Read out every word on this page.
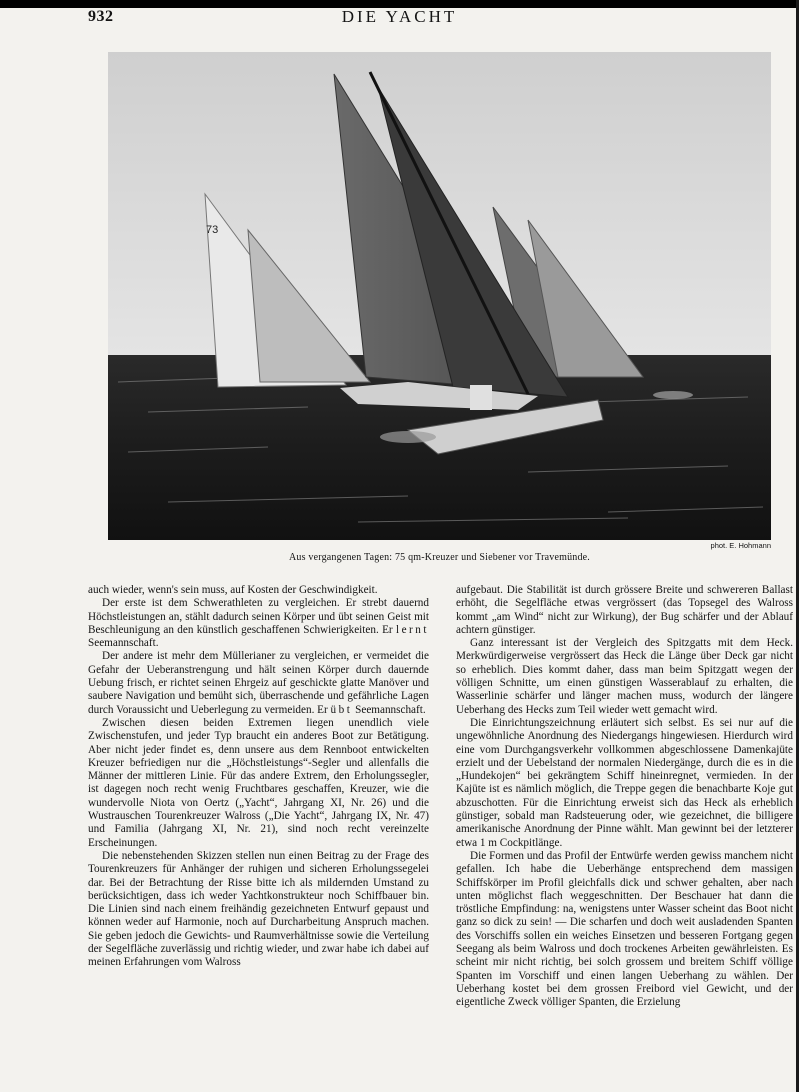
932	DIE YACHT
73
phot. E. Hohmann
Aus vergangenen Tagen: 75 qm-Kreuzer und Siebener vor Travemünde.

auch wieder, wenn's sein muss, auf Kosten der Geschwindigkeit.

Der erste ist dem Schwerathleten zu vergleichen. Er strebt dauernd Höchstleistungen an, stählt dadurch seinen Körper und übt seinen Geist mit Beschleunigung an den künstlich geschaffenen Schwierigkeiten. Er lernt Seemannschaft.

Der andere ist mehr dem Müllerianer zu vergleichen, er vermeidet die Gefahr der Ueberanstrengung und hält seinen Körper durch dauernde Uebung frisch, er richtet seinen Ehrgeiz auf geschickte glatte Manöver und saubere Navigation und bemüht sich, überraschende und gefährliche Lagen durch Voraussicht und Ueberlegung zu vermeiden. Er übt Seemannschaft.

Zwischen diesen beiden Extremen liegen unendlich viele Zwischenstufen, und jeder Typ braucht ein anderes Boot zur Betätigung. Aber nicht jeder findet es, denn unsere aus dem Rennboot entwickelten Kreuzer befriedigen nur die „Höchstleistungs“-Segler und allenfalls die Männer der mittleren Linie. Für das andere Extrem, den Erholungssegler, ist dagegen noch recht wenig Fruchtbares geschaffen, Kreuzer, wie die wundervolle Niota von Oertz („Yacht“, Jahrgang XI, Nr. 26) und die Wustrauschen Tourenkreuzer Walross („Die Yacht“, Jahrgang IX, Nr. 47) und Familia (Jahrgang XI, Nr. 21), sind noch recht vereinzelte Erscheinungen.

Die nebenstehenden Skizzen stellen nun einen Beitrag zu der Frage des Tourenkreuzers für Anhänger der ruhigen und sicheren Erholungssegelei dar. Bei der Betrachtung der Risse bitte ich als mildernden Umstand zu berücksichtigen, dass ich weder Yachtkonstrukteur noch Schiffbauer bin. Die Linien sind nach einem freihändig gezeichneten Entwurf gepaust und können weder auf Harmonie, noch auf Durcharbeitung Anspruch machen. Sie geben jedoch die Gewichts- und Raumverhältnisse sowie die Verteilung der Segelfläche zuverlässig und richtig wieder, und zwar habe ich dabei auf meinen Erfahrungen vom Walross

aufgebaut. Die Stabilität ist durch grössere Breite und schwereren Ballast erhöht, die Segelfläche etwas vergrössert (das Topsegel des Walross kommt „am Wind“ nicht zur Wirkung), der Bug schärfer und der Ablauf achtern günstiger.

Ganz interessant ist der Vergleich des Spitzgatts mit dem Heck. Merkwürdigerweise vergrössert das Heck die Länge über Deck gar nicht so erheblich. Dies kommt daher, dass man beim Spitzgatt wegen der völligen Schnitte, um einen günstigen Wasserablauf zu erhalten, die Wasserlinie schärfer und länger machen muss, wodurch der längere Ueberhang des Hecks zum Teil wieder wett gemacht wird.

Die Einrichtungszeichnung erläutert sich selbst. Es sei nur auf die ungewöhnliche Anordnung des Niedergangs hingewiesen. Hierdurch wird eine vom Durchgangsverkehr vollkommen abgeschlossene Damenkajüte erzielt und der Uebelstand der normalen Niedergänge, durch die es in die „Hundekojen“ bei gekrängtem Schiff hineinregnet, vermieden. In der Kajüte ist es nämlich möglich, die Treppe gegen die benachbarte Koje gut abzuschotten. Für die Einrichtung erweist sich das Heck als erheblich günstiger, sobald man Radsteuerung oder, wie gezeichnet, die billigere amerikanische Anordnung der Pinne wählt. Man gewinnt bei der letzterer etwa 1 m Cockpitlänge.

Die Formen und das Profil der Entwürfe werden gewiss manchem nicht gefallen. Ich habe die Ueberhänge entsprechend dem massigen Schiffskörper im Profil gleichfalls dick und schwer gehalten, aber nach unten möglichst flach weggeschnitten. Der Beschauer hat dann die tröstliche Empfindung: na, wenigstens unter Wasser scheint das Boot nicht ganz so dick zu sein! — Die scharfen und doch weit ausladenden Spanten des Vorschiffs sollen ein weiches Einsetzen und besseren Fortgang gegen Seegang als beim Walross und doch trockenes Arbeiten gewährleisten. Es scheint mir nicht richtig, bei solch grossem und breitem Schiff völlige Spanten im Vorschiff und einen langen Ueberhang zu wählen. Der Ueberhang kostet bei dem grossen Freibord viel Gewicht, und der eigentliche Zweck völliger Spanten, die Erzielung
